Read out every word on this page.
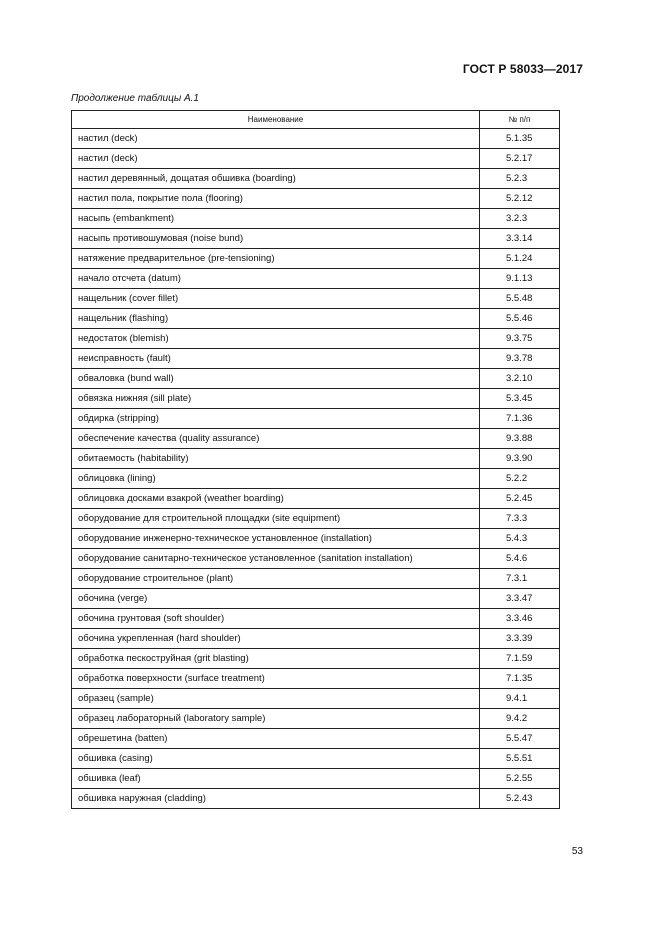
ГОСТ Р 58033—2017
Продолжение таблицы А.1
Наименование	№ п/п
настил (deck)	5.1.35
настил (deck)	5.2.17
настил деревянный, дощатая обшивка (boarding)	5.2.3
настил пола, покрытие пола (flooring)	5.2.12
насыпь (embankment)	3.2.3
насыпь противошумовая (noise bund)	3.3.14
натяжение предварительное (pre-tensioning)	5.1.24
начало отсчета (datum)	9.1.13
нащельник (cover fillet)	5.5.48
нащельник (flashing)	5.5.46
недостаток (blemish)	9.3.75
неисправность (fault)	9.3.78
обваловка (bund wall)	3.2.10
обвязка нижняя (sill plate)	5.3.45
обдирка (stripping)	7.1.36
обеспечение качества (quality assurance)	9.3.88
обитаемость (habitability)	9.3.90
облицовка (lining)	5.2.2
облицовка досками взакрой (weather boarding)	5.2.45
оборудование для строительной площадки (site equipment)	7.3.3
оборудование инженерно-техническое установленное (installation)	5.4.3
оборудование санитарно-техническое установленное (sanitation installation)	5.4.6
оборудование строительное (plant)	7.3.1
обочина (verge)	3.3.47
обочина грунтовая (soft shoulder)	3.3.46
обочина укрепленная (hard shoulder)	3.3.39
обработка пескоструйная (grit blasting)	7.1.59
обработка поверхности (surface treatment)	7.1.35
образец (sample)	9.4.1
образец лабораторный (laboratory sample)	9.4.2
обрешетина (batten)	5.5.47
обшивка (casing)	5.5.51
обшивка (leaf)	5.2.55
обшивка наружная (cladding)	5.2.43
53
